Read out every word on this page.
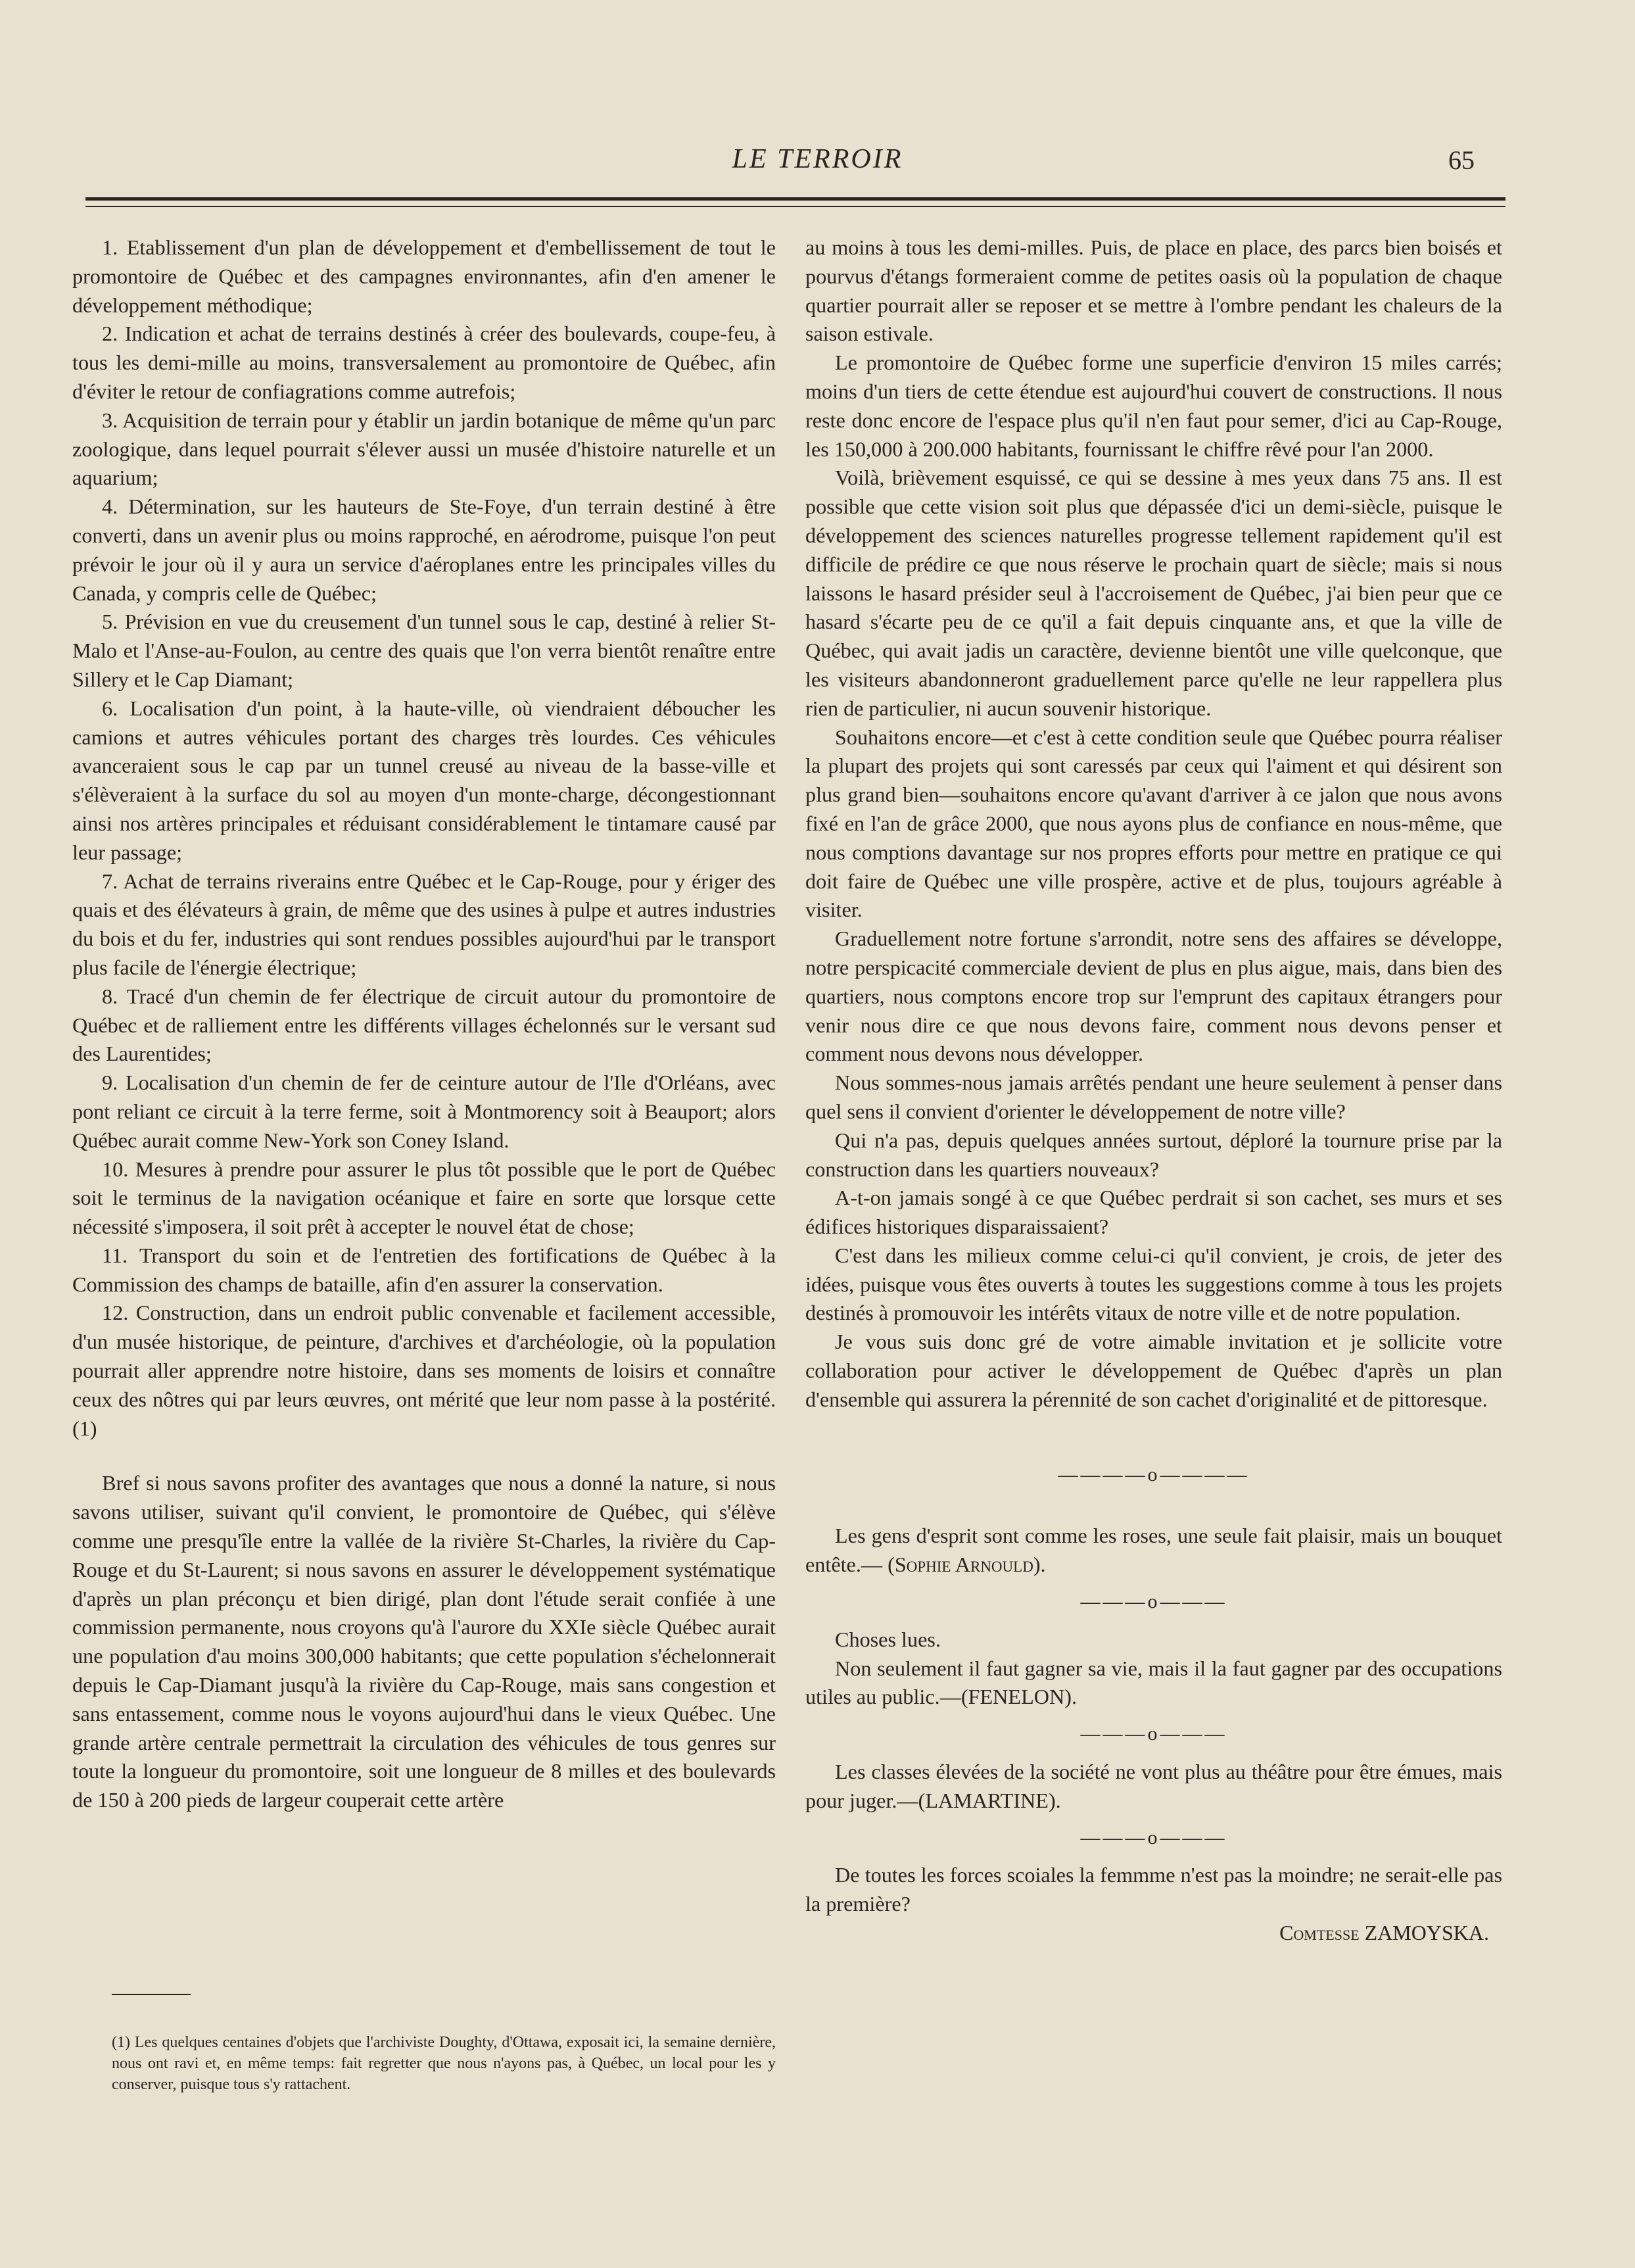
LE TERROIR	65

1. Etablissement d'un plan de développement et d'embellissement de tout le promontoire de Québec et des campagnes environnantes, afin d'en amener le développement méthodique;

2. Indication et achat de terrains destinés à créer des boulevards, coupe-feu, à tous les demi-mille au moins, transversalement au promontoire de Québec, afin d'éviter le retour de confiagrations comme autrefois;

3. Acquisition de terrain pour y établir un jardin botanique de même qu'un parc zoologique, dans lequel pourrait s'élever aussi un musée d'histoire naturelle et un aquarium;

4. Détermination, sur les hauteurs de Ste-Foye, d'un terrain destiné à être converti, dans un avenir plus ou moins rapproché, en aérodrome, puisque l'on peut prévoir le jour où il y aura un service d'aéroplanes entre les principales villes du Canada, y compris celle de Québec;

5. Prévision en vue du creusement d'un tunnel sous le cap, destiné à relier St-Malo et l'Anse-au-Foulon, au centre des quais que l'on verra bientôt renaître entre Sillery et le Cap Diamant;

6. Localisation d'un point, à la haute-ville, où viendraient déboucher les camions et autres véhicules portant des charges très lourdes. Ces véhicules avanceraient sous le cap par un tunnel creusé au niveau de la basse-ville et s'élèveraient à la surface du sol au moyen d'un monte-charge, décongestionnant ainsi nos artères principales et réduisant considérablement le tintamare causé par leur passage;

7. Achat de terrains riverains entre Québec et le Cap-Rouge, pour y ériger des quais et des élévateurs à grain, de même que des usines à pulpe et autres industries du bois et du fer, industries qui sont rendues possibles aujourd'hui par le transport plus facile de l'énergie électrique;

8. Tracé d'un chemin de fer électrique de circuit autour du promontoire de Québec et de ralliement entre les différents villages échelonnés sur le versant sud des Laurentides;

9. Localisation d'un chemin de fer de ceinture autour de l'Ile d'Orléans, avec pont reliant ce circuit à la terre ferme, soit à Montmorency soit à Beauport; alors Québec aurait comme New-York son Coney Island.

10. Mesures à prendre pour assurer le plus tôt possible que le port de Québec soit le terminus de la navigation océanique et faire en sorte que lorsque cette nécessité s'imposera, il soit prêt à accepter le nouvel état de chose;

11. Transport du soin et de l'entretien des fortifications de Québec à la Commission des champs de bataille, afin d'en assurer la conservation.

12. Construction, dans un endroit public convenable et facilement accessible, d'un musée historique, de peinture, d'archives et d'archéologie, où la population pourrait aller apprendre notre histoire, dans ses moments de loisirs et connaître ceux des nôtres qui par leurs œuvres, ont mérité que leur nom passe à la postérité.(1)

Bref si nous savons profiter des avantages que nous a donné la nature, si nous savons utiliser, suivant qu'il convient, le promontoire de Québec, qui s'élève comme une presqu'île entre la vallée de la rivière St-Charles, la rivière du Cap-Rouge et du St-Laurent; si nous savons en assurer le développement systématique d'après un plan préconçu et bien dirigé, plan dont l'étude serait confiée à une commission permanente, nous croyons qu'à l'aurore du XXIe siècle Québec aurait une population d'au moins 300,000 habitants; que cette population s'échelonnerait depuis le Cap-Diamant jusqu'à la rivière du Cap-Rouge, mais sans congestion et sans entassement, comme nous le voyons aujourd'hui dans le vieux Québec. Une grande artère centrale permettrait la circulation des véhicules de tous genres sur toute la longueur du promontoire, soit une longueur de 8 milles et des boulevards de 150 à 200 pieds de largeur couperait cette artère

(1) Les quelques centaines d'objets que l'archiviste Doughty, d'Ottawa, exposait ici, la semaine dernière, nous ont ravi et, en même temps: fait regretter que nous n'ayons pas, à Québec, un local pour les y conserver, puisque tous s'y rattachent.

au moins à tous les demi-milles. Puis, de place en place, des parcs bien boisés et pourvus d'étangs formeraient comme de petites oasis où la population de chaque quartier pourrait aller se reposer et se mettre à l'ombre pendant les chaleurs de la saison estivale.

Le promontoire de Québec forme une superficie d'environ 15 miles carrés; moins d'un tiers de cette étendue est aujourd'hui couvert de constructions. Il nous reste donc encore de l'espace plus qu'il n'en faut pour semer, d'ici au Cap-Rouge, les 150,000 à 200.000 habitants, fournissant le chiffre rêvé pour l'an 2000.

Voilà, brièvement esquissé, ce qui se dessine à mes yeux dans 75 ans. Il est possible que cette vision soit plus que dépassée d'ici un demi-siècle, puisque le développement des sciences naturelles progresse tellement rapidement qu'il est difficile de prédire ce que nous réserve le prochain quart de siècle; mais si nous laissons le hasard présider seul à l'accroisement de Québec, j'ai bien peur que ce hasard s'écarte peu de ce qu'il a fait depuis cinquante ans, et que la ville de Québec, qui avait jadis un caractère, devienne bientôt une ville quelconque, que les visiteurs abandonneront graduellement parce qu'elle ne leur rappellera plus rien de particulier, ni aucun souvenir historique.

Souhaitons encore—et c'est à cette condition seule que Québec pourra réaliser la plupart des projets qui sont caressés par ceux qui l'aiment et qui désirent son plus grand bien—souhaitons encore qu'avant d'arriver à ce jalon que nous avons fixé en l'an de grâce 2000, que nous ayons plus de confiance en nous-même, que nous comptions davantage sur nos propres efforts pour mettre en pratique ce qui doit faire de Québec une ville prospère, active et de plus, toujours agréable à visiter.

Graduellement notre fortune s'arrondit, notre sens des affaires se développe, notre perspicacité commerciale devient de plus en plus aigue, mais, dans bien des quartiers, nous comptons encore trop sur l'emprunt des capitaux étrangers pour venir nous dire ce que nous devons faire, comment nous devons penser et comment nous devons nous développer.

Nous sommes-nous jamais arrêtés pendant une heure seulement à penser dans quel sens il convient d'orienter le développement de notre ville?

Qui n'a pas, depuis quelques années surtout, déploré la tournure prise par la construction dans les quartiers nouveaux?

A-t-on jamais songé à ce que Québec perdrait si son cachet, ses murs et ses édifices historiques disparaissaient?

C'est dans les milieux comme celui-ci qu'il convient, je crois, de jeter des idées, puisque vous êtes ouverts à toutes les suggestions comme à tous les projets destinés à promouvoir les intérêts vitaux de notre ville et de notre population.

Je vous suis donc gré de votre aimable invitation et je sollicite votre collaboration pour activer le développement de Québec d'après un plan d'ensemble qui assurera la pérennité de son cachet d'originalité et de pittoresque.

————o————

Les gens d'esprit sont comme les roses, une seule fait plaisir, mais un bouquet entête.— (Sophie Arnould).

———o———

Choses lues.

Non seulement il faut gagner sa vie, mais il la faut gagner par des occupations utiles au public.—(FENELON).

———o———

Les classes élevées de la société ne vont plus au théâtre pour être émues, mais pour juger.—(LAMARTINE).

———o———

De toutes les forces scoiales la femmme n'est pas la moindre; ne serait-elle pas la première?

Comtesse ZAMOYSKA.
